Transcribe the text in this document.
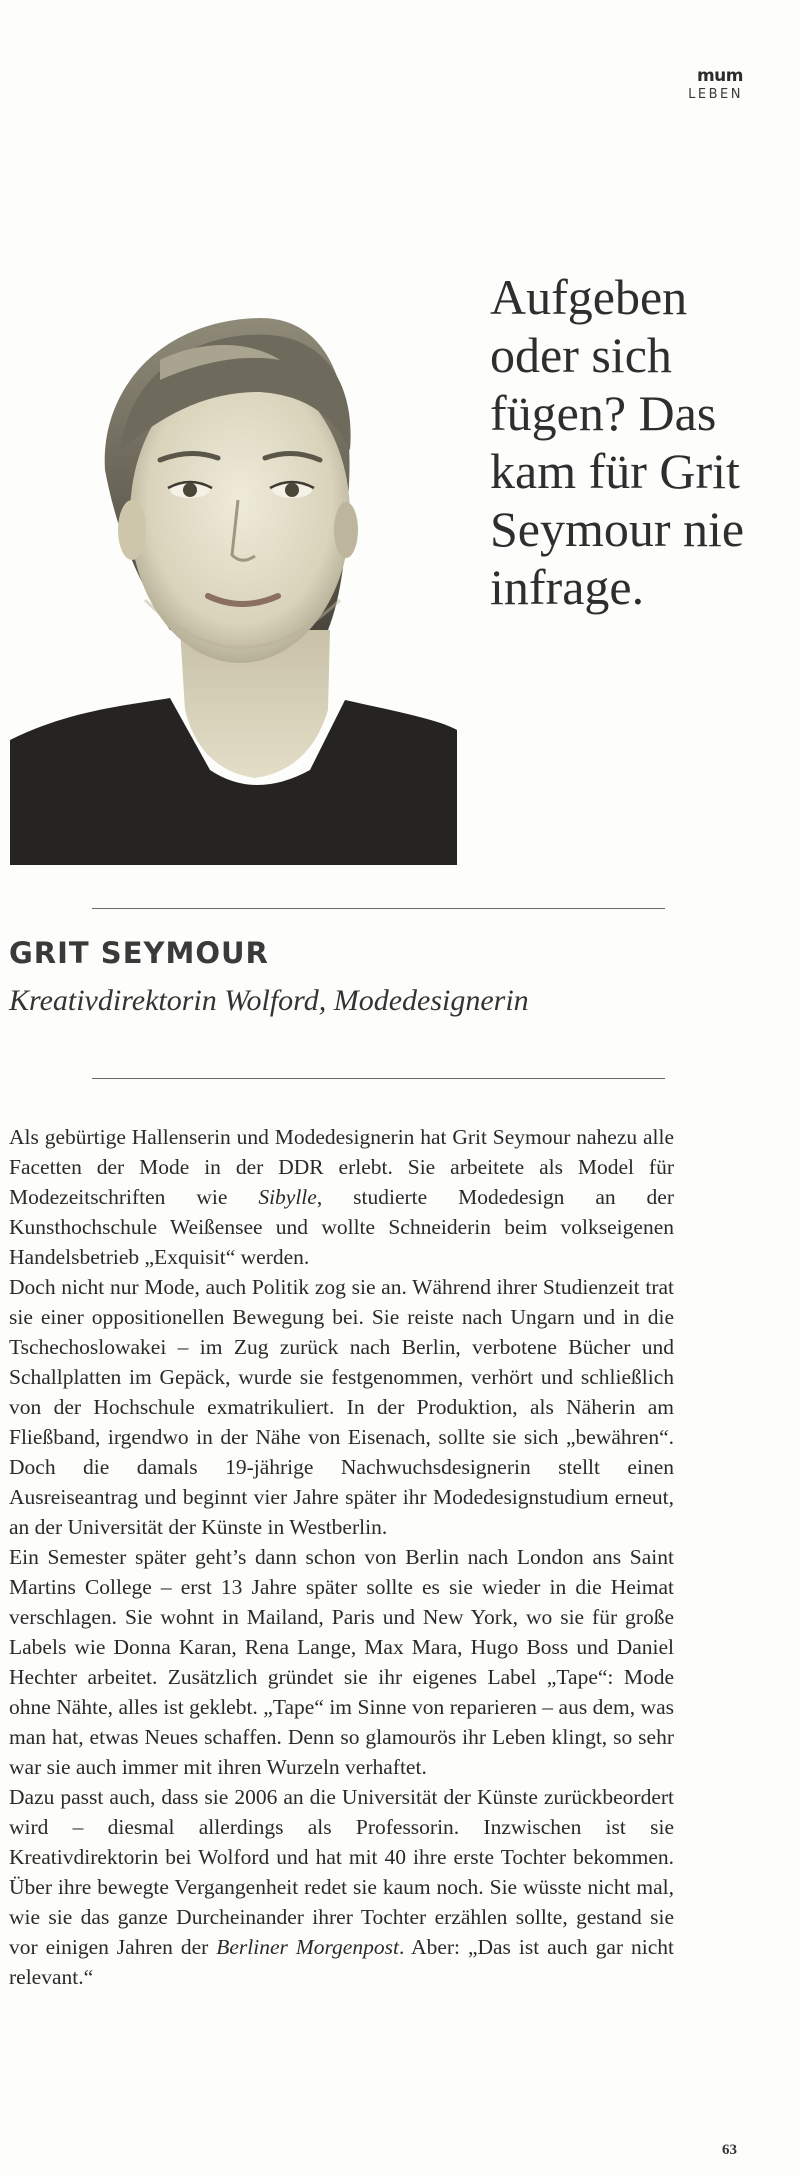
mum
LEBEN
Aufgeben oder sich fügen? Das kam für Grit Seymour nie infrage.
GRIT SEYMOUR

Kreativdirektorin Wolford, Modedesignerin

Als gebürtige Hallenserin und Modedesignerin hat Grit Seymour nahezu alle Facetten der Mode in der DDR erlebt. Sie arbeitete als Model für Modezeitschriften wie Sibylle, studierte Modedesign an der Kunsthochschule Weißensee und wollte Schneiderin beim volkseigenen Handelsbetrieb „Exquisit“ werden.

Doch nicht nur Mode, auch Politik zog sie an. Während ihrer Studienzeit trat sie einer oppositionellen Bewegung bei. Sie reiste nach Ungarn und in die Tschechoslowakei – im Zug zurück nach Berlin, verbotene Bücher und Schallplatten im Gepäck, wurde sie festgenommen, verhört und schließlich von der Hochschule exmatrikuliert. In der Produktion, als Näherin am Fließband, irgendwo in der Nähe von Eisenach, sollte sie sich „bewähren“. Doch die damals 19-jährige Nachwuchsdesignerin stellt einen Ausreiseantrag und beginnt vier Jahre später ihr Modedesignstudium erneut, an der Universität der Künste in Westberlin.

Ein Semester später geht’s dann schon von Berlin nach London ans Saint Martins College – erst 13 Jahre später sollte es sie wieder in die Heimat verschlagen. Sie wohnt in Mailand, Paris und New York, wo sie für große Labels wie Donna Karan, Rena Lange, Max Mara, Hugo Boss und Daniel Hechter arbeitet. Zusätzlich gründet sie ihr eigenes Label „Tape“: Mode ohne Nähte, alles ist geklebt. „Tape“ im Sinne von reparieren – aus dem, was man hat, etwas Neues schaffen. Denn so glamourös ihr Leben klingt, so sehr war sie auch immer mit ihren Wurzeln verhaftet.

Dazu passt auch, dass sie 2006 an die Universität der Künste zurückbeordert wird – diesmal allerdings als Professorin. Inzwischen ist sie Kreativdirektorin bei Wolford und hat mit 40 ihre erste Tochter bekommen. Über ihre bewegte Vergangenheit redet sie kaum noch. Sie wüsste nicht mal, wie sie das ganze Durcheinander ihrer Tochter erzählen sollte, gestand sie vor einigen Jahren der Berliner Morgenpost. Aber: „Das ist auch gar nicht relevant.“

63
